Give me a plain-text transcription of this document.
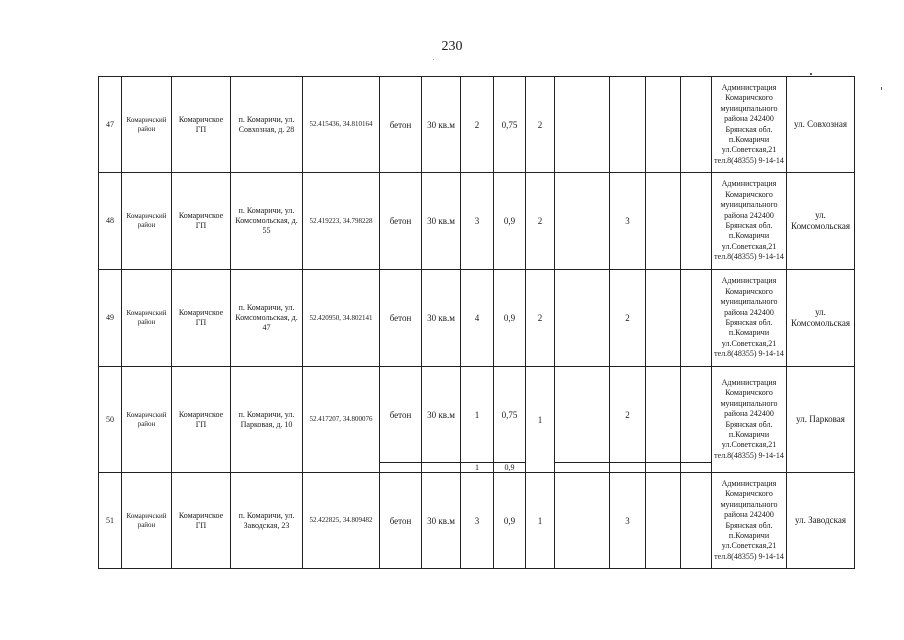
230
47	Комаричский район	Комаричское ГП	п. Комаричи, ул. Совхозная, д. 28	52.415436, 34.810164	бетон	30 кв.м	2	0,75	2					Администрация Комаричского муниципального района 242400 Брянская обл. п.Комаричи ул.Советская,21 тел.8(48355) 9-14-14	ул. Совхозная
48	Комаричский район	Комаричское ГП	п. Комаричи, ул. Комсомольская, д. 55	52.419223, 34.798228	бетон	30 кв.м	3	0,9	2		3			Администрация Комаричского муниципального района 242400 Брянская обл. п.Комаричи ул.Советская,21 тел.8(48355) 9-14-14	ул. Комсомольская
49	Комаричский район	Комаричское ГП	п. Комаричи, ул. Комсомольская, д. 47	52.420950, 34.802141	бетон	30 кв.м	4	0,9	2		2			Администрация Комаричского муниципального района 242400 Брянская обл. п.Комаричи ул.Советская,21 тел.8(48355) 9-14-14	ул. Комсомольская
50	Комаричский район	Комаричское ГП	п. Комаричи, ул. Парковая, д. 10	52.417207, 34.800076	бетон	30 кв.м	1	0,75	1		2			Администрация Комаричского муниципального района 242400 Брянская обл. п.Комаричи ул.Советская,21 тел.8(48355) 9-14-14	ул. Парковая
							1	0,9							
51	Комаричский район	Комаричское ГП	п. Комаричи, ул. Заводская, 23	52.422825, 34.809482	бетон	30 кв.м	3	0,9	1		3			Администрация Комаричского муниципального района 242400 Брянская обл. п.Комаричи ул.Советская,21 тел.8(48355) 9-14-14	ул. Заводская
